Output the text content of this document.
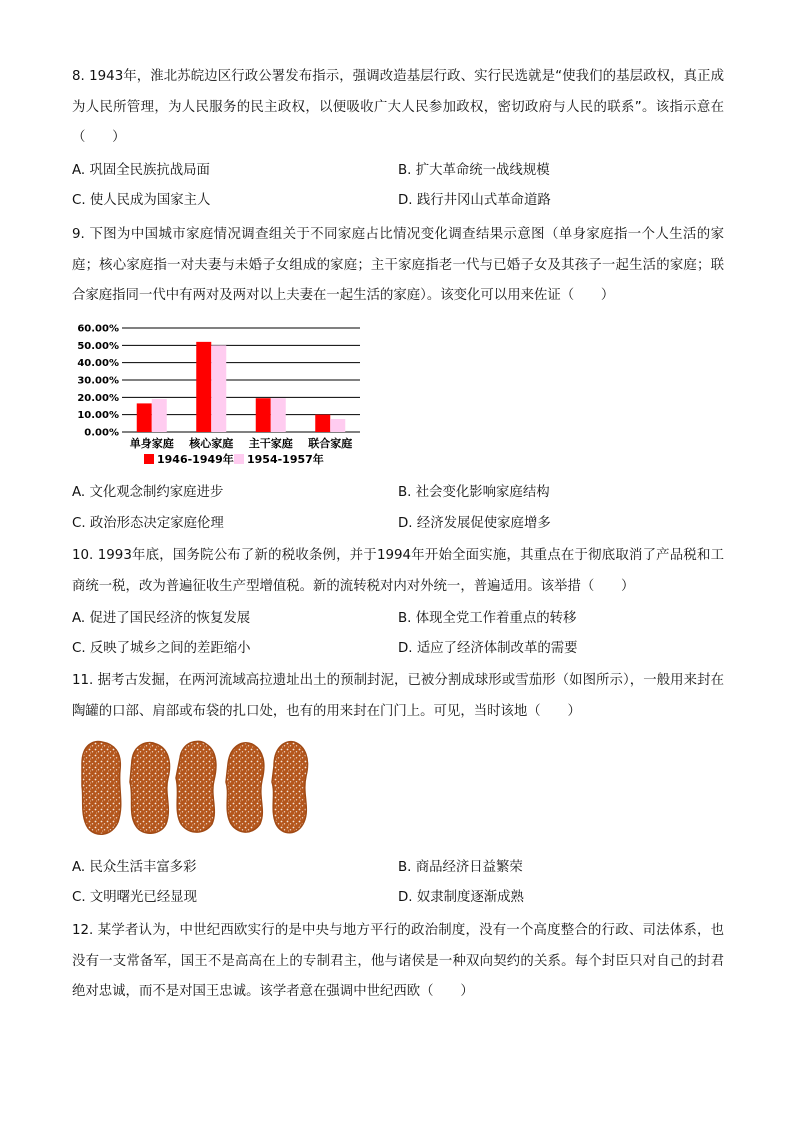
8. 1943年，淮北苏皖边区行政公署发布指示，强调改造基层行政、实行民选就是“使我们的基层政权，真正成为人民所管理，为人民服务的民主政权，以便吸收广大人民参加政权，密切政府与人民的联系”。该指示意在（　　）

A. 巩固全民族抗战局面	B. 扩大革命统一战线规模
C. 使人民成为国家主人	D. 践行井冈山式革命道路

9. 下图为中国城市家庭情况调查组关于不同家庭占比情况变化调查结果示意图（单身家庭指一个人生活的家庭；核心家庭指一对夫妻与未婚子女组成的家庭；主干家庭指老一代与已婚子女及其孩子一起生活的家庭；联合家庭指同一代中有两对及两对以上夫妻在一起生活的家庭）。该变化可以用来佐证（　　）

60.00%
50.00%
40.00%
30.00%
20.00%
10.00%
0.00%
单身家庭 核心家庭 主干家庭 联合家庭
1946-1949年 1954-1957年
A. 文化观念制约家庭进步	B. 社会变化影响家庭结构
C. 政治形态决定家庭伦理	D. 经济发展促使家庭增多

10. 1993年底，国务院公布了新的税收条例，并于1994年开始全面实施，其重点在于彻底取消了产品税和工商统一税，改为普遍征收生产型增值税。新的流转税对内对外统一，普遍适用。该举措（　　）

A. 促进了国民经济的恢复发展	B. 体现全党工作着重点的转移
C. 反映了城乡之间的差距缩小	D. 适应了经济体制改革的需要

11. 据考古发掘，在两河流域高拉遗址出土的预制封泥，已被分割成球形或雪茄形（如图所示），一般用来封在陶罐的口部、肩部或布袋的扎口处，也有的用来封在门门上。可见，当时该地（　　）

A. 民众生活丰富多彩	B. 商品经济日益繁荣
C. 文明曙光已经显现	D. 奴隶制度逐渐成熟

12. 某学者认为，中世纪西欧实行的是中央与地方平行的政治制度，没有一个高度整合的行政、司法体系，也没有一支常备军，国王不是高高在上的专制君主，他与诸侯是一种双向契约的关系。每个封臣只对自己的封君绝对忠诚，而不是对国王忠诚。该学者意在强调中世纪西欧（　　）
